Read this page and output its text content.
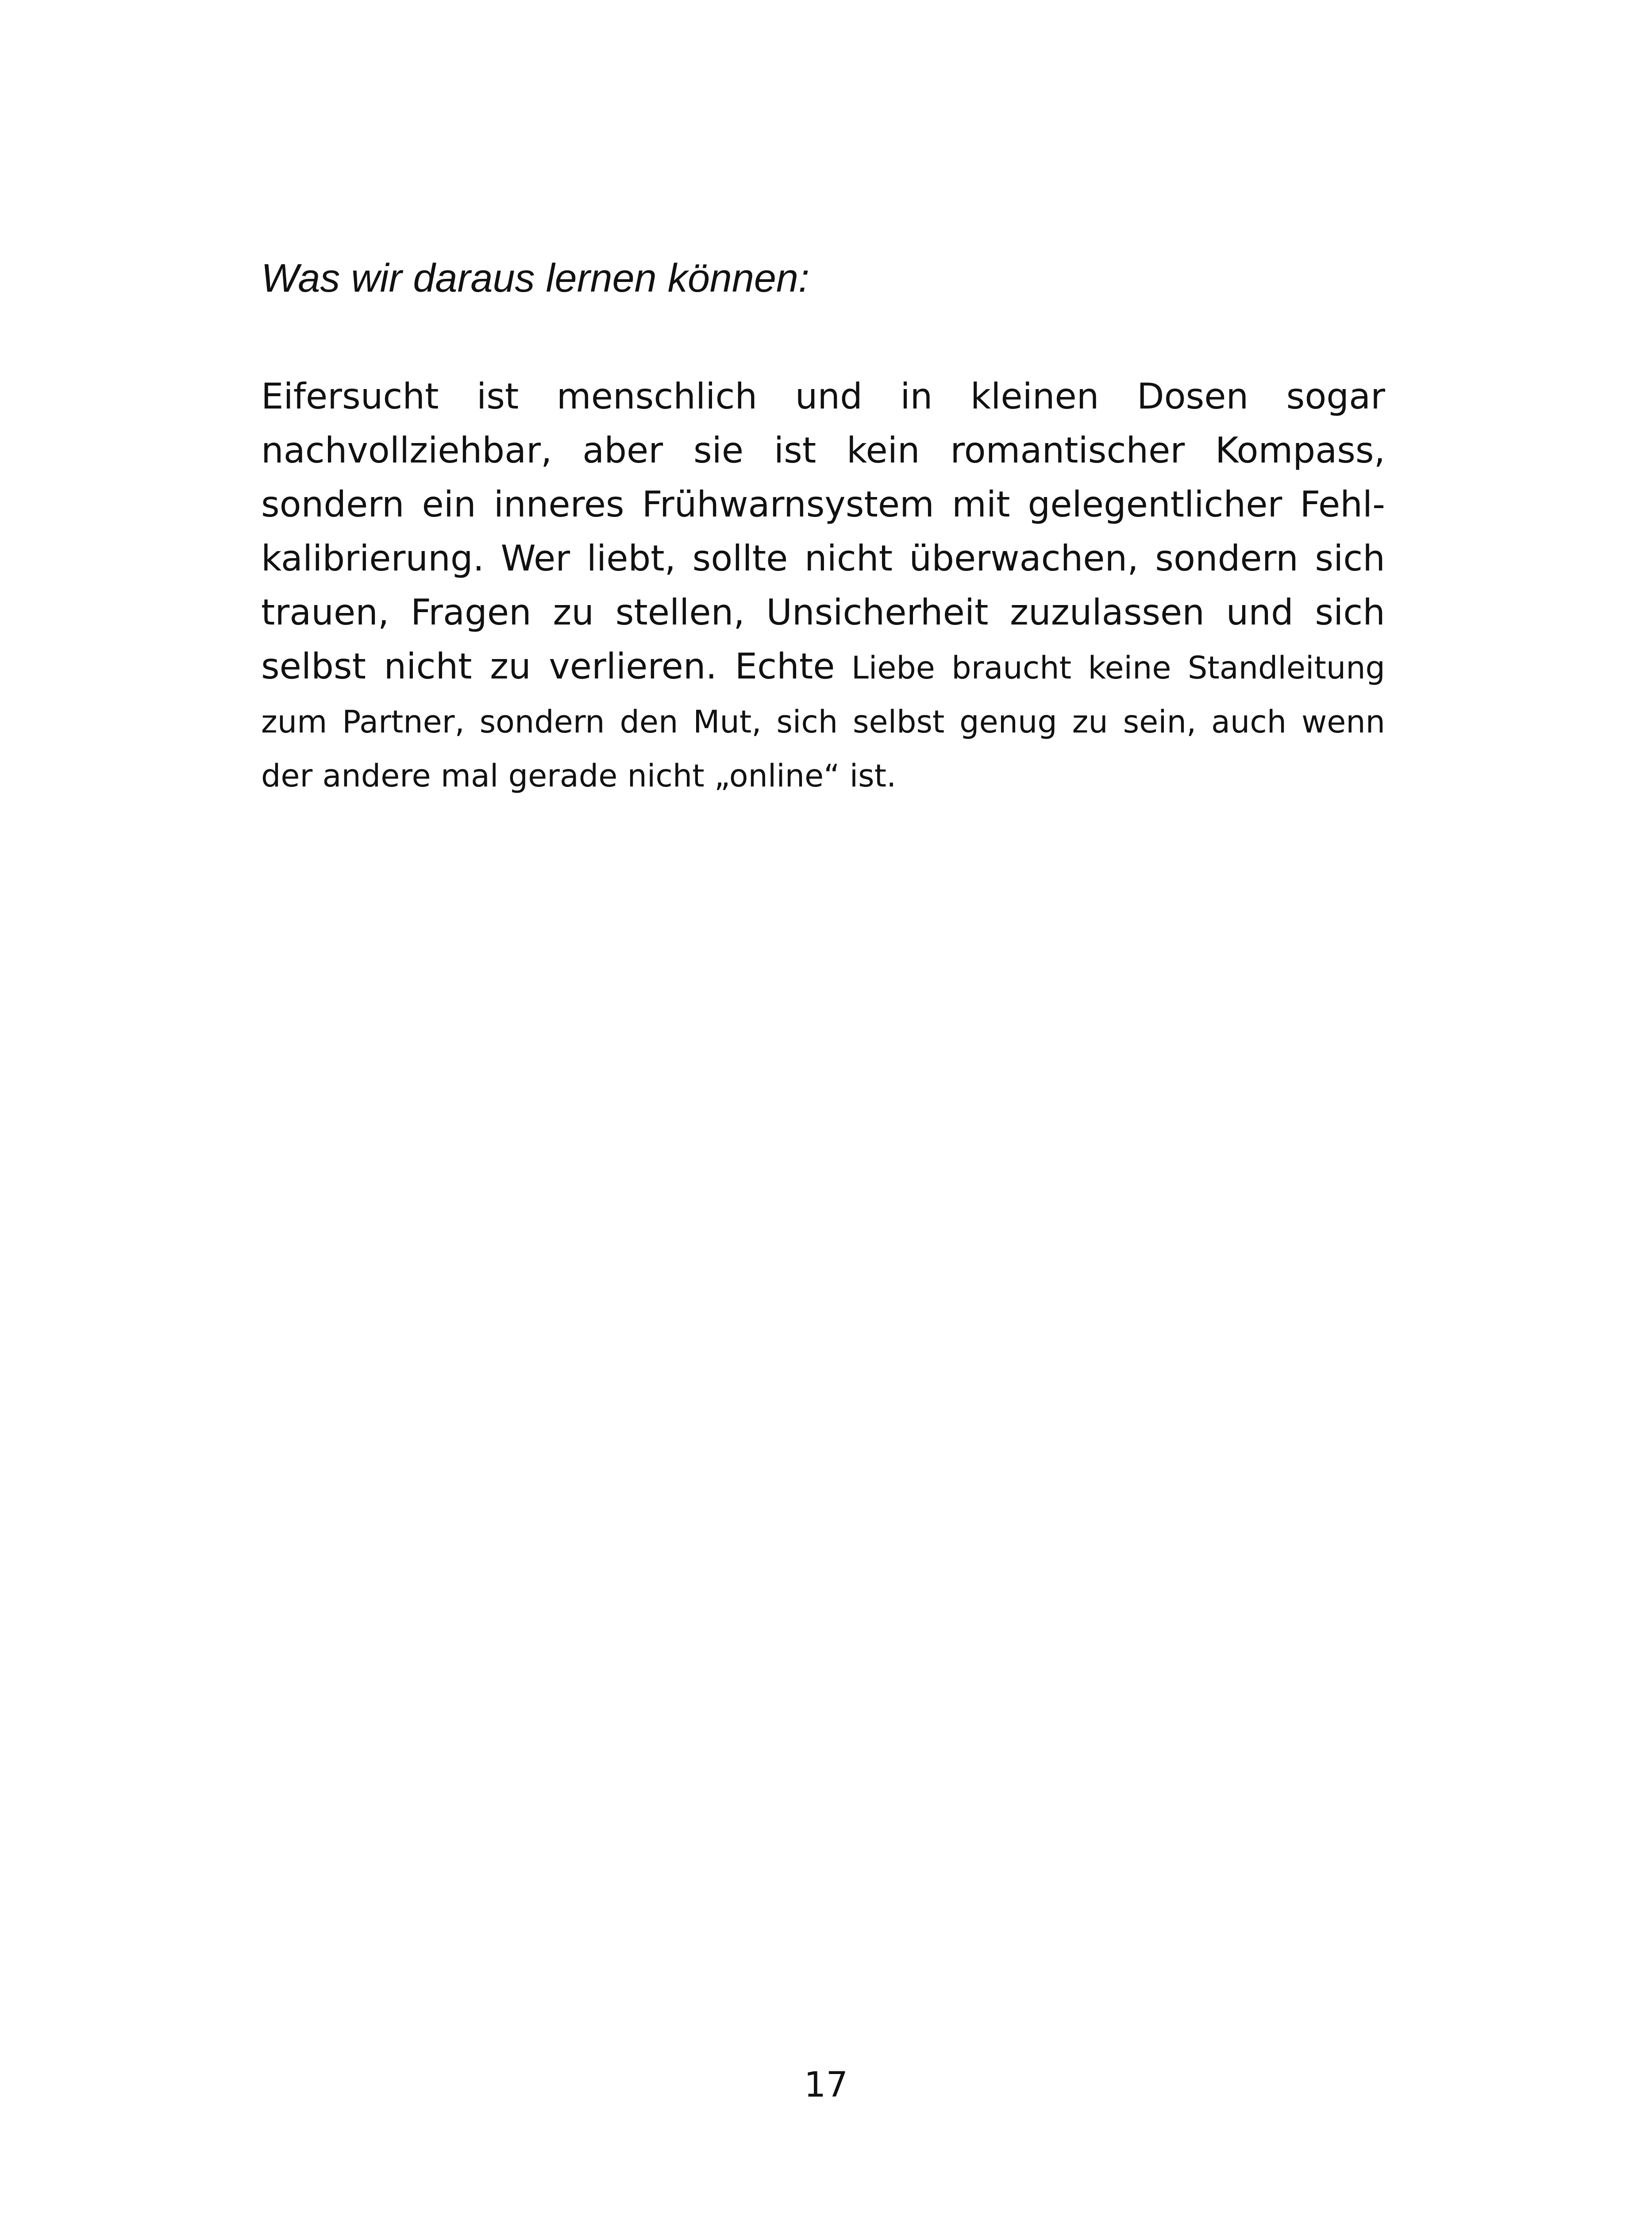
Was wir daraus lernen können:

Eifersucht ist menschlich und in kleinen Dosen sogar nachvollziehbar, aber sie ist kein romantischer Kompass, sondern ein inneres Frühwarnsystem mit gelegentlicher Fehlkalibrierung. Wer liebt, sollte nicht überwachen, sondern sich trauen, Fragen zu stellen, Unsicherheit zuzulassen und sich selbst nicht zu verlieren. Echte Liebe braucht keine Standleitung zum Partner, sondern den Mut, sich selbst genug zu sein, auch wenn der andere mal gerade nicht „online“ ist.

17
